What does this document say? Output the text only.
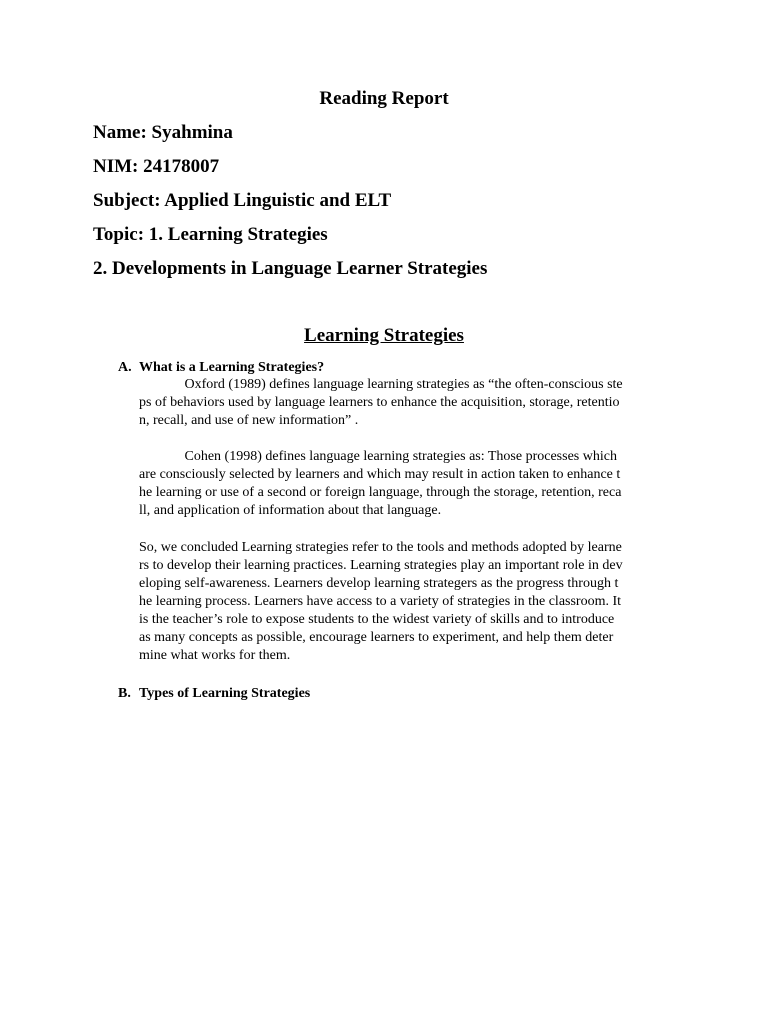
Reading Report
Name: Syahmina
NIM: 24178007
Subject: Applied Linguistic and ELT
Topic: 1. Learning Strategies
2. Developments in Language Learner Strategies
Learning Strategies
A. What is a Learning Strategies?
Oxford (1989) defines language learning strategies as “the often-conscious ste
ps of behaviors used by language learners to enhance the acquisition, storage, retentio
n, recall, and use of new information” .
Cohen (1998) defines language learning strategies as: Those processes which
are consciously selected by learners and which may result in action taken to enhance t
he learning or use of a second or foreign language, through the storage, retention, reca
ll, and application of information about that language.
So, we concluded Learning strategies refer to the tools and methods adopted by learne
rs to develop their learning practices. Learning strategies play an important role in dev
eloping self-awareness. Learners develop learning strategers as the progress through t
he learning process. Learners have access to a variety of strategies in the classroom. It
is the teacher’s role to expose students to the widest variety of skills and to introduce
as many concepts as possible, encourage learners to experiment, and help them deter
mine what works for them.
B. Types of Learning Strategies
